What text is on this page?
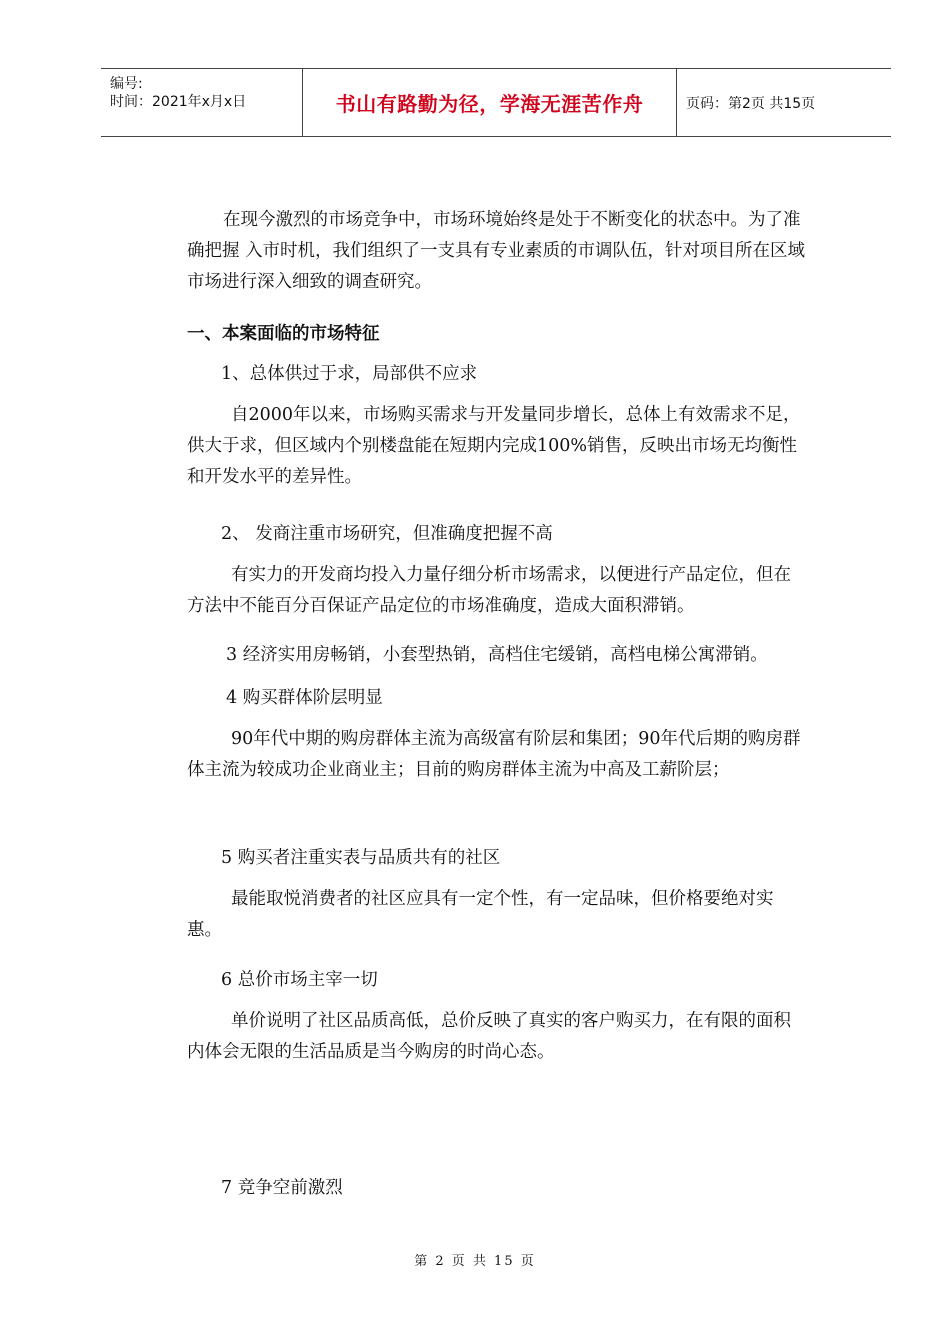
编号:
时间：2021年x月x日	书山有路勤为径，学海无涯苦作舟	页码：第2页 共15页
在现今激烈的市场竞争中，市场环境始终是处于不断变化的状态中。为了准确把握 入市时机，我们组织了一支具有专业素质的市调队伍，针对项目所在区域市场进行深入细致的调查研究。
一、本案面临的市场特征
1、总体供过于求，局部供不应求
自2000年以来，市场购买需求与开发量同步增长，总体上有效需求不足，供大于求，但区域内个别楼盘能在短期内完成100%销售，反映出市场无均衡性和开发水平的差异性。
2、 发商注重市场研究，但准确度把握不高
有实力的开发商均投入力量仔细分析市场需求，以便进行产品定位，但在方法中不能百分百保证产品定位的市场准确度，造成大面积滞销。
3 经济实用房畅销，小套型热销，高档住宅缓销，高档电梯公寓滞销。
4 购买群体阶层明显
90年代中期的购房群体主流为高级富有阶层和集团；90年代后期的购房群体主流为较成功企业商业主；目前的购房群体主流为中高及工薪阶层；
5 购买者注重实表与品质共有的社区
最能取悦消费者的社区应具有一定个性，有一定品味，但价格要绝对实惠。
6 总价市场主宰一切
单价说明了社区品质高低，总价反映了真实的客户购买力，在有限的面积内体会无限的生活品质是当今购房的时尚心态。
7 竞争空前激烈
第 2 页 共 15 页
